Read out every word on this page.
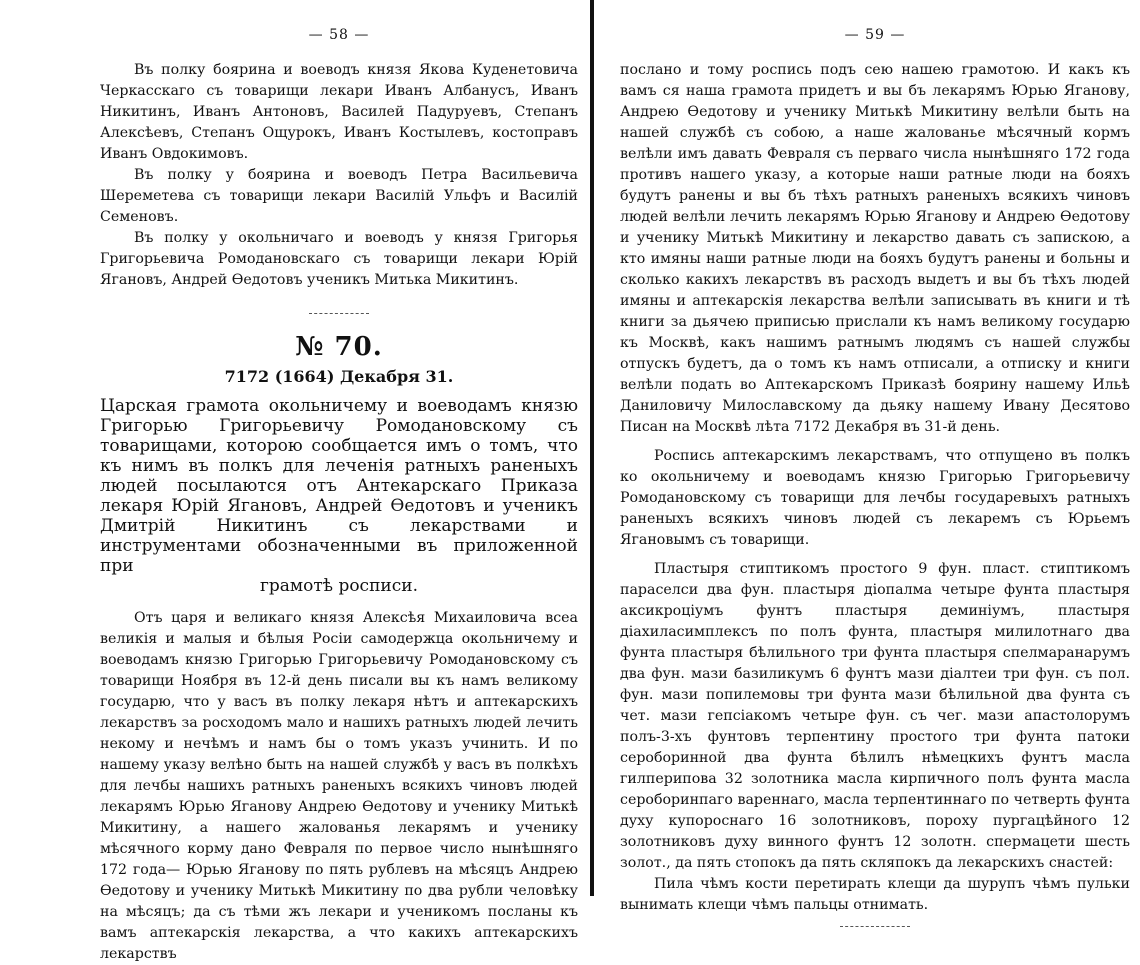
— 58 —

Въ полку боярина и воеводъ князя Якова Куденетовича Черкасскаго съ товарищи лекари Иванъ Албанусъ, Иванъ Никитинъ, Иванъ Антоновъ, Василей Падуруевъ, Степанъ Алексѣевъ, Степанъ Ощурокъ, Иванъ Костылевъ, костоправъ Иванъ Овдокимовъ.

Въ полку у боярина и воеводъ Петра Васильевича Шереметева съ товарищи лекари Василій Ульфъ и Василій Семеновъ.

Въ полку у окольничаго и воеводъ у князя Григорья Григорьевича Ромодановскаго съ товарищи лекари Юрій Ягановъ, Андрей Ѳедотовъ ученикъ Митька Микитинъ.

№ 70.
7172 (1664) Декабря 31.
Царская грамота окольничему и воеводамъ князю Григорью Григорьевичу Ромодановскому съ товарищами, которою сообщается имъ о томъ, что къ нимъ въ полкъ для леченія ратныхъ раненыхъ людей посылаются отъ Антекарскаго Приказа лекаря Юрій Ягановъ, Андрей Ѳедотовъ и ученикъ Дмитрій Никитинъ съ лекарствами и инструментами обозначенными въ приложенной при
грамотѣ росписи.

Отъ царя и великаго князя Алексѣя Михаиловича всеа великія и малыя и бѣлыя Росіи самодержца окольничему и воеводамъ князю Григорью Григорьевичу Ромодановскому съ товарищи Ноября въ 12-й день писали вы къ намъ великому государю, что у васъ въ полку лекаря нѣтъ и аптекарскихъ лекарствъ за росходомъ мало и нашихъ ратныхъ людей лечить некому и нечѣмъ и намъ бы о томъ указъ учинить. И по нашему указу велѣно быть на нашей службѣ у васъ въ полкѣхъ для лечбы нашихъ ратныхъ раненыхъ всякихъ чиновъ людей лекарямъ Юрью Яганову Андрею Ѳедотову и ученику Митькѣ Микитину, а нашего жалованья лекарямъ и ученику мѣсячного корму дано Февраля по первое число нынѣшняго 172 года— Юрью Яганову по пять рублевъ на мѣсяцъ Андрею Ѳедотову и ученику Митькѣ Микитину по два рубли человѣку на мѣсяцъ; да съ тѣми жъ лекари и ученикомъ посланы къ вамъ аптекарскія лекарства, а что какихъ аптекарскихъ лекарствъ

— 59 —

послано и тому роспись подъ сею нашею грамотою. И какъ къ вамъ ся наша грамота придетъ и вы бъ лекарямъ Юрью Яганову, Андрею Ѳедотову и ученику Митькѣ Микитину велѣли быть на нашей службѣ съ собою, а наше жалованье мѣсячный кормъ велѣли имъ давать Февраля съ перваго числа нынѣшняго 172 года противъ нашего указу, а которые наши ратные люди на бояхъ будутъ ранены и вы бъ тѣхъ ратныхъ раненыхъ всякихъ чиновъ людей велѣли лечить лекарямъ Юрью Яганову и Андрею Ѳедотову и ученику Митькѣ Микитину и лекарство давать съ запискою, а кто имяны наши ратные люди на бояхъ будутъ ранены и больны и сколько какихъ лекарствъ въ расходъ выдетъ и вы бъ тѣхъ людей имяны и аптекарскія лекарства велѣли записывать въ книги и тѣ книги за дьячею приписью прислали къ намъ великому государю къ Москвѣ, какъ нашимъ ратнымъ людямъ съ нашей службы отпускъ будетъ, да о томъ къ намъ отписали, а отписку и книги велѣли подать во Аптекарскомъ Приказѣ боярину нашему Ильѣ Даниловичу Милославскому да дьяку нашему Ивану Десятово Писан на Москвѣ лѣта 7172 Декабря въ 31-й день.

Роспись аптекарскимъ лекарствамъ, что отпущено въ полкъ ко окольничему и воеводамъ князю Григорью Григорьевичу Ромодановскому съ товарищи для лечбы государевыхъ ратныхъ раненыхъ всякихъ чиновъ людей съ лекаремъ съ Юрьемъ Ягановымъ съ товарищи.

Пластыря стиптикомъ простого 9 фун. пласт. стиптикомъ параселси два фун. пластыря діопалма четыре фунта пластыря аксикроціумъ фунтъ пластыря деминіумъ, пластыря діахиласимплексъ по полъ фунта, пластыря милилотнаго два фунта пластыря бѣлильного три фунта пластыря спелмаранарумъ два фун. мази базиликумъ 6 фунтъ мази діалтеи три фун. съ пол. фун. мази попилемовы три фунта мази бѣлильной два фунта съ чет. мази гепсіакомъ четыре фун. съ чег. мази апастолорумъ полъ-3-хъ фунтовъ терпентину простого три фунта патоки сероборинной два фунта бѣлилъ нѣмецкихъ фунтъ масла гилперипова 32 золотника масла кирпичного полъ фунта масла сероборинпаго вареннаго, масла терпентиннаго по четверть фунта духу купороснаго 16 золотниковъ, пороху пургацѣйного 12 золотниковъ духу винного фунтъ 12 золотн. спермацети шесть золот., да пять стопокъ да пять скляпокъ да лекарскихъ снастей:

Пила чѣмъ кости перетирать клещи да шурупъ чѣмъ пульки вынимать клещи чѣмъ пальцы отнимать.
